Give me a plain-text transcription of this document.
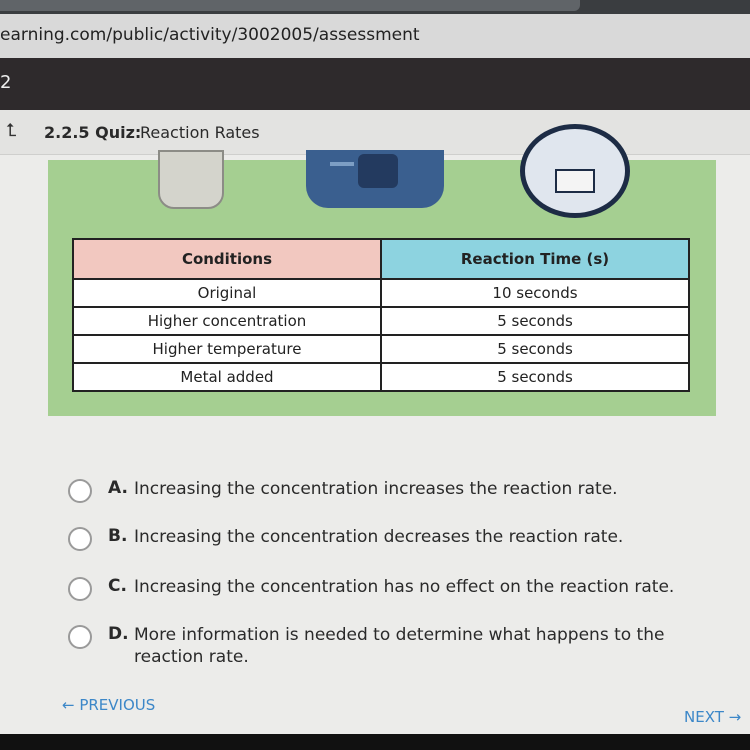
earning.com/public/activity/3002005/assessment
2
⮤ 2.2.5 Quiz:
Reaction Rates
Conditions	Reaction Time (s)
Original	10 seconds
Higher concentration	5 seconds
Higher temperature	5 seconds
Metal added	5 seconds
A. Increasing the concentration increases the reaction rate.
B. Increasing the concentration decreases the reaction rate.
C. Increasing the concentration has no effect on the reaction rate.
D. More information is needed to determine what happens to the reaction rate.
← PREVIOUS
NEXT →
